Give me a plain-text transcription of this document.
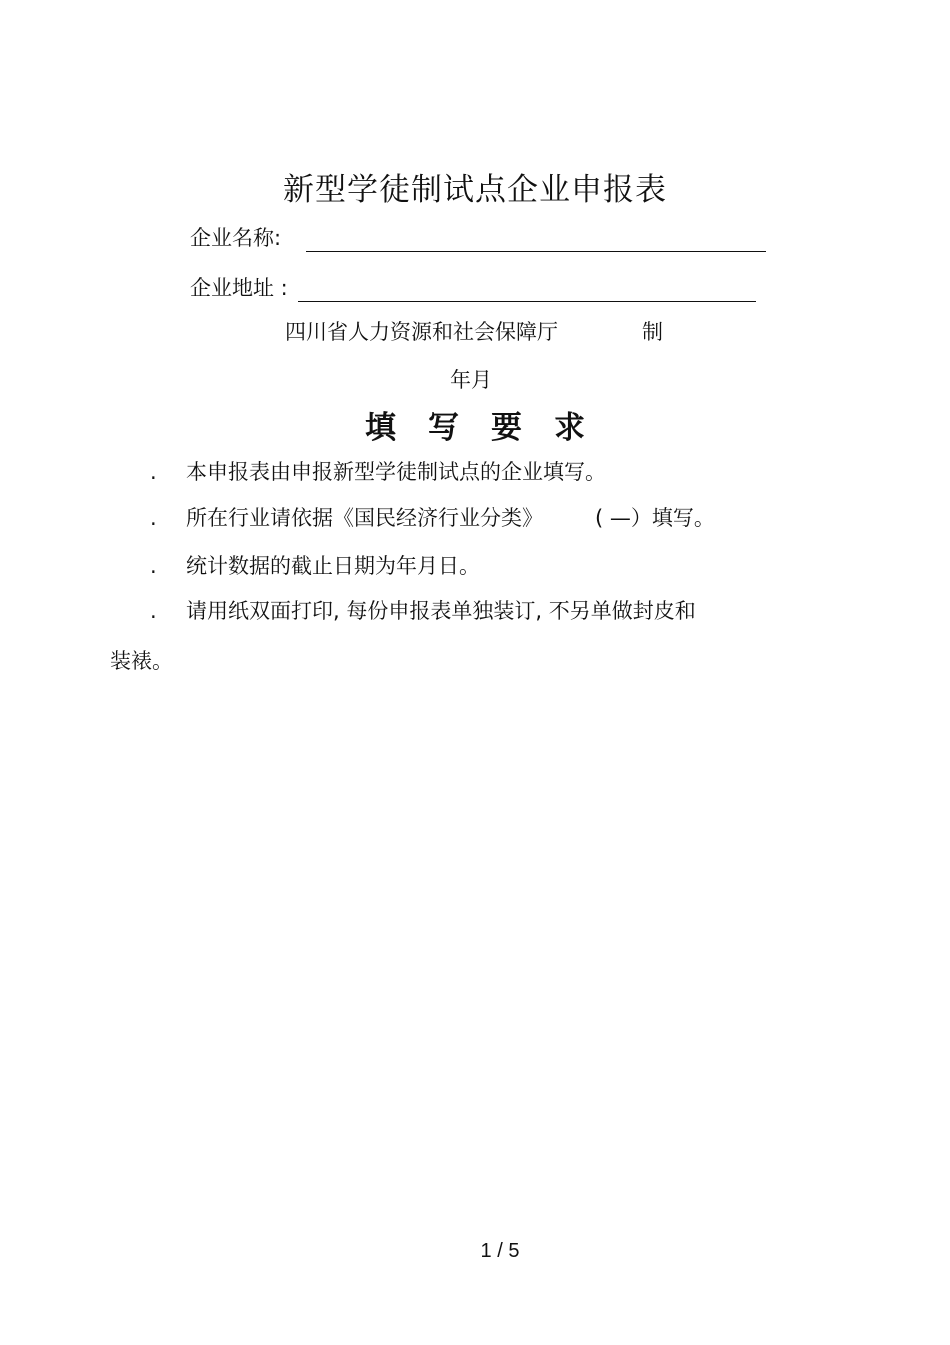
新型学徒制试点企业申报表
企业名称:
企业地址 :
四川省人力资源和社会保障厅	制
年月
填写要求
. 本申报表由申报新型学徒制试点的企业填写。
. 所在行业请依据《国民经济行业分类》 ( —）填写。
. 统计数据的截止日期为年月日。
. 请用纸双面打印, 每份申报表单独装订, 不另单做封皮和
装裱。
1 / 5
